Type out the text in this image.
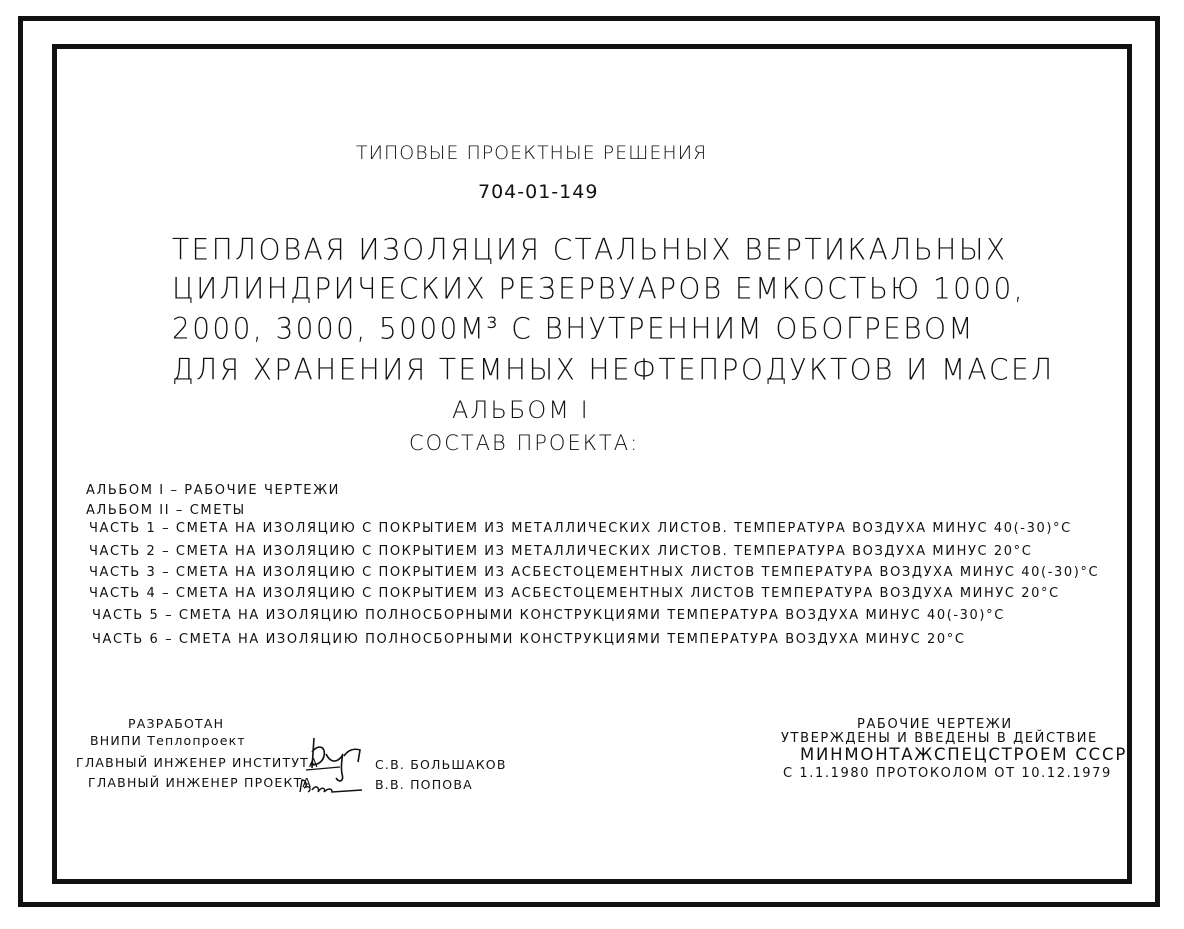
ТИПОВЫЕ ПРОЕКТНЫЕ РЕШЕНИЯ
704-01-149
ТЕПЛОВАЯ ИЗОЛЯЦИЯ СТАЛЬНЫХ ВЕРТИКАЛЬНЫХ
ЦИЛИНДРИЧЕСКИХ РЕЗЕРВУАРОВ ЕМКОСТЬЮ 1000,
2000, 3000, 5000М³ С ВНУТРЕННИМ ОБОГРЕВОМ
ДЛЯ ХРАНЕНИЯ ТЕМНЫХ НЕФТЕПРОДУКТОВ И МАСЕЛ
АЛЬБОМ I
СОСТАВ ПРОЕКТА:
АЛЬБОМ I – РАБОЧИЕ ЧЕРТЕЖИ
АЛЬБОМ II – СМЕТЫ
ЧАСТЬ 1 – СМЕТА НА ИЗОЛЯЦИЮ С ПОКРЫТИЕМ ИЗ МЕТАЛЛИЧЕСКИХ ЛИСТОВ. ТЕМПЕРАТУРА ВОЗДУХА МИНУС 40(-30)°С
ЧАСТЬ 2 – СМЕТА НА ИЗОЛЯЦИЮ С ПОКРЫТИЕМ ИЗ МЕТАЛЛИЧЕСКИХ ЛИСТОВ. ТЕМПЕРАТУРА ВОЗДУХА МИНУС 20°С
ЧАСТЬ 3 – СМЕТА НА ИЗОЛЯЦИЮ С ПОКРЫТИЕМ ИЗ АСБЕСТОЦЕМЕНТНЫХ ЛИСТОВ ТЕМПЕРАТУРА ВОЗДУХА МИНУС 40(-30)°С
ЧАСТЬ 4 – СМЕТА НА ИЗОЛЯЦИЮ С ПОКРЫТИЕМ ИЗ АСБЕСТОЦЕМЕНТНЫХ ЛИСТОВ ТЕМПЕРАТУРА ВОЗДУХА МИНУС 20°С
ЧАСТЬ 5 – СМЕТА НА ИЗОЛЯЦИЮ ПОЛНОСБОРНЫМИ КОНСТРУКЦИЯМИ ТЕМПЕРАТУРА ВОЗДУХА МИНУС 40(-30)°С
ЧАСТЬ 6 – СМЕТА НА ИЗОЛЯЦИЮ ПОЛНОСБОРНЫМИ КОНСТРУКЦИЯМИ ТЕМПЕРАТУРА ВОЗДУХА МИНУС 20°С
РАЗРАБОТАН
ВНИПИ Теплопроект
ГЛАВНЫЙ ИНЖЕНЕР ИНСТИТУТА	С.В. БОЛЬШАКОВ
ГЛАВНЫЙ ИНЖЕНЕР ПРОЕКТА	В.В. ПОПОВА
РАБОЧИЕ ЧЕРТЕЖИ
УТВЕРЖДЕНЫ И ВВЕДЕНЫ В ДЕЙСТВИЕ
МИНМОНТАЖСПЕЦСТРОЕМ СССР
С 1.1.1980 ПРОТОКОЛОМ ОТ 10.12.1979
